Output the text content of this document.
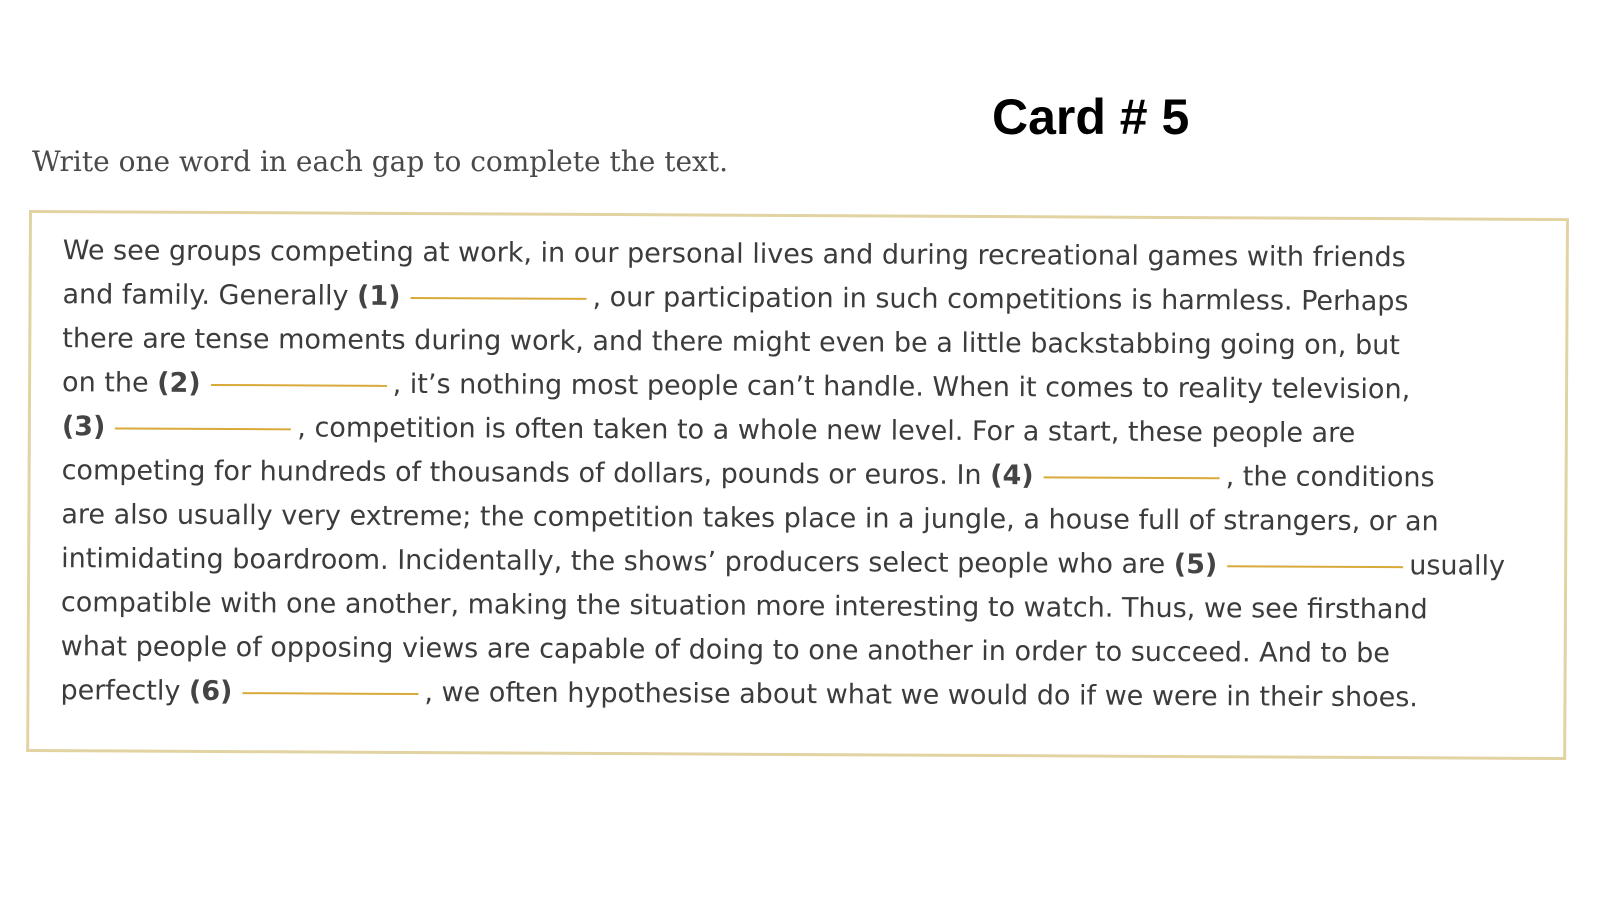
Card # 5
Write one word in each gap to complete the text.
We see groups competing at work, in our personal lives and during recreational games with friends
and family. Generally (1)	, our participation in such competitions is harmless. Perhaps
there are tense moments during work, and there might even be a little backstabbing going on, but
on the (2)	, it’s nothing most people can’t handle. When it comes to reality television,
(3)	, competition is often taken to a whole new level. For a start, these people are
competing for hundreds of thousands of dollars, pounds or euros. In (4)	, the conditions
are also usually very extreme; the competition takes place in a jungle, a house full of strangers, or an
intimidating boardroom. Incidentally, the shows’ producers select people who are (5)	usually
compatible with one another, making the situation more interesting to watch. Thus, we see firsthand
what people of opposing views are capable of doing to one another in order to succeed. And to be
perfectly (6)	, we often hypothesise about what we would do if we were in their shoes.
